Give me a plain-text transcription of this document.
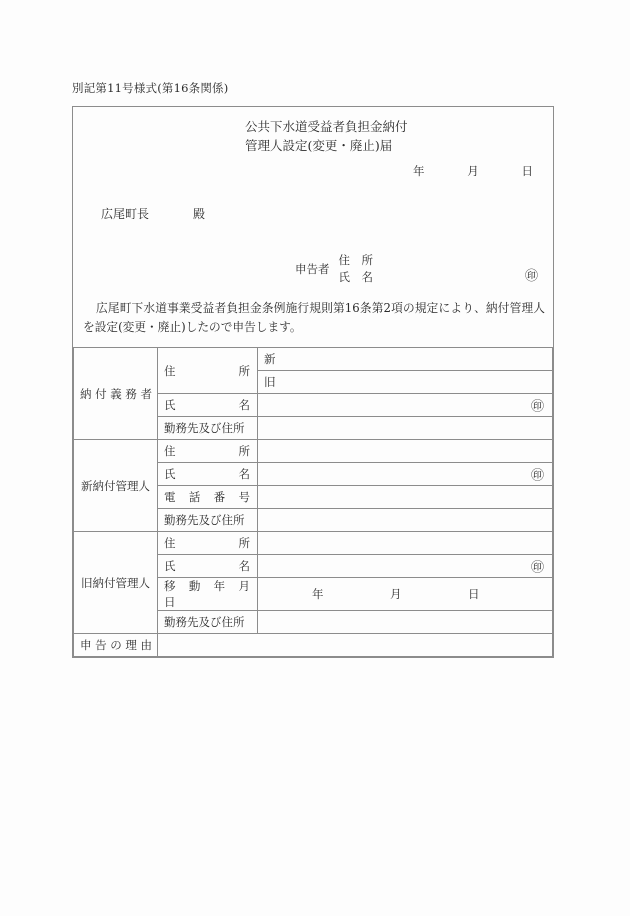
別記第11号様式(第16条関係)
公共下水道受益者負担金納付
管理人設定(変更・廃止)届
年	月	日
広尾町長	殿
申告者
住　所
氏　名	㊞
広尾町下水道事業受益者負担金条例施行規則第16条第2項の規定により、納付管理人を設定(変更・廃止)したので申告します。
納付義務者	住　　　所	新
		旧
	氏　　　名	㊞

	勤務先及び住所	
新納付管理人	住　　　所	
	氏　　　名	㊞

	電　話　番　号	
	勤務先及び住所	
旧納付管理人	住　　　所	
	氏　　　名	㊞

	移　動　年　月　日	年 月 日

	勤務先及び住所	
申告の理由		
